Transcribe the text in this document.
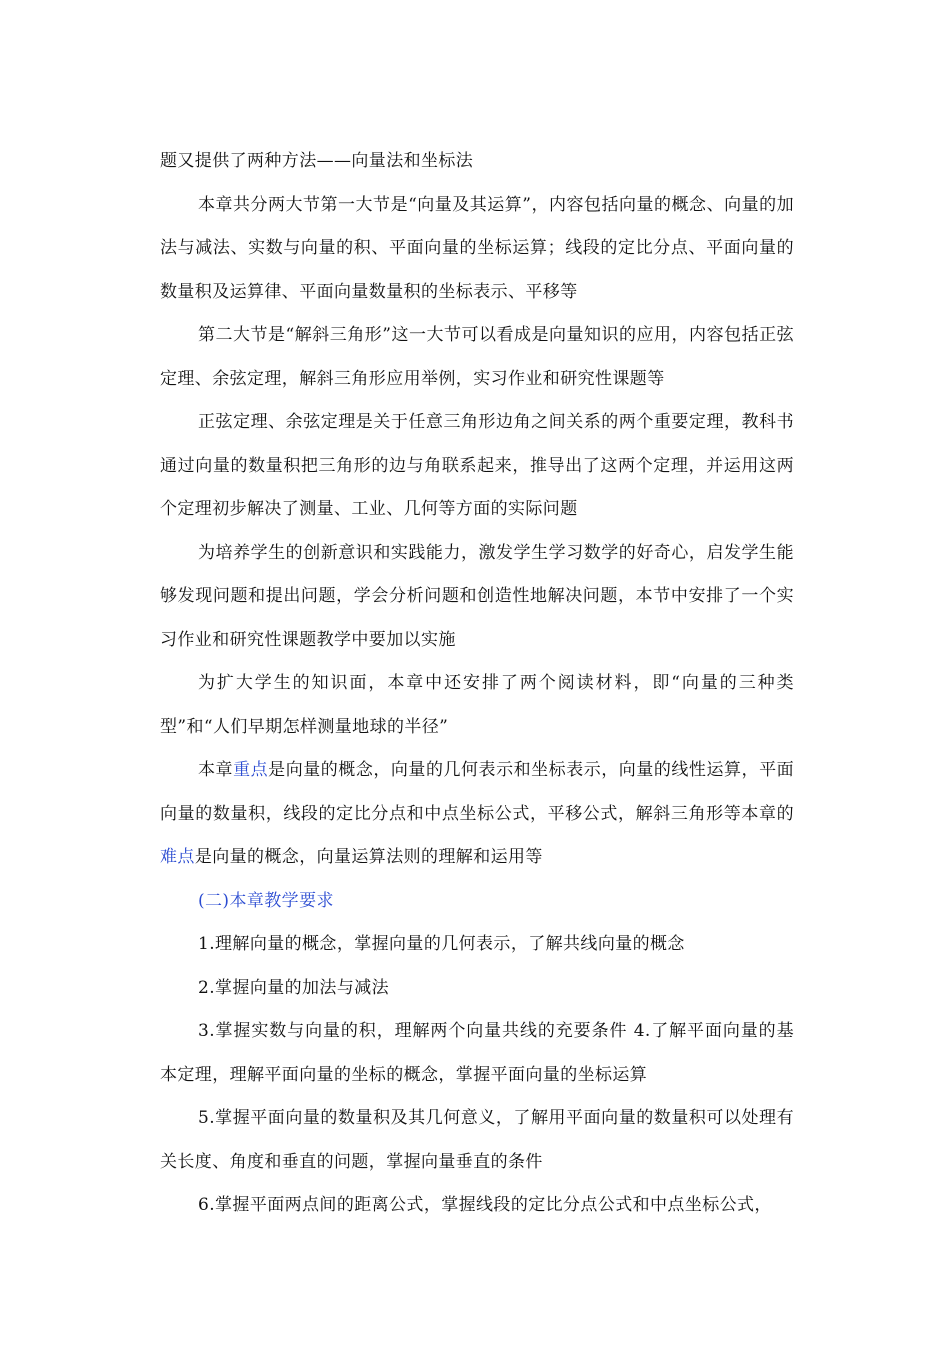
题又提供了两种方法——向量法和坐标法

本章共分两大节第一大节是“向量及其运算”，内容包括向量的概念、向量的加法与减法、实数与向量的积、平面向量的坐标运算；线段的定比分点、平面向量的数量积及运算律、平面向量数量积的坐标表示、平移等

第二大节是“解斜三角形”这一大节可以看成是向量知识的应用，内容包括正弦定理、余弦定理，解斜三角形应用举例，实习作业和研究性课题等

正弦定理、余弦定理是关于任意三角形边角之间关系的两个重要定理，教科书通过向量的数量积把三角形的边与角联系起来，推导出了这两个定理，并运用这两个定理初步解决了测量、工业、几何等方面的实际问题

为培养学生的创新意识和实践能力，激发学生学习数学的好奇心，启发学生能够发现问题和提出问题，学会分析问题和创造性地解决问题，本节中安排了一个实习作业和研究性课题教学中要加以实施

为扩大学生的知识面，本章中还安排了两个阅读材料，即“向量的三种类型”和“人们早期怎样测量地球的半径”

本章重点是向量的概念，向量的几何表示和坐标表示，向量的线性运算，平面向量的数量积，线段的定比分点和中点坐标公式，平移公式，解斜三角形等本章的难点是向量的概念，向量运算法则的理解和运用等

(二)本章教学要求

1.理解向量的概念，掌握向量的几何表示，了解共线向量的概念

2.掌握向量的加法与减法

3.掌握实数与向量的积，理解两个向量共线的充要条件 4.了解平面向量的基本定理，理解平面向量的坐标的概念，掌握平面向量的坐标运算

5.掌握平面向量的数量积及其几何意义，了解用平面向量的数量积可以处理有关长度、角度和垂直的问题，掌握向量垂直的条件

6.掌握平面两点间的距离公式，掌握线段的定比分点公式和中点坐标公式，
